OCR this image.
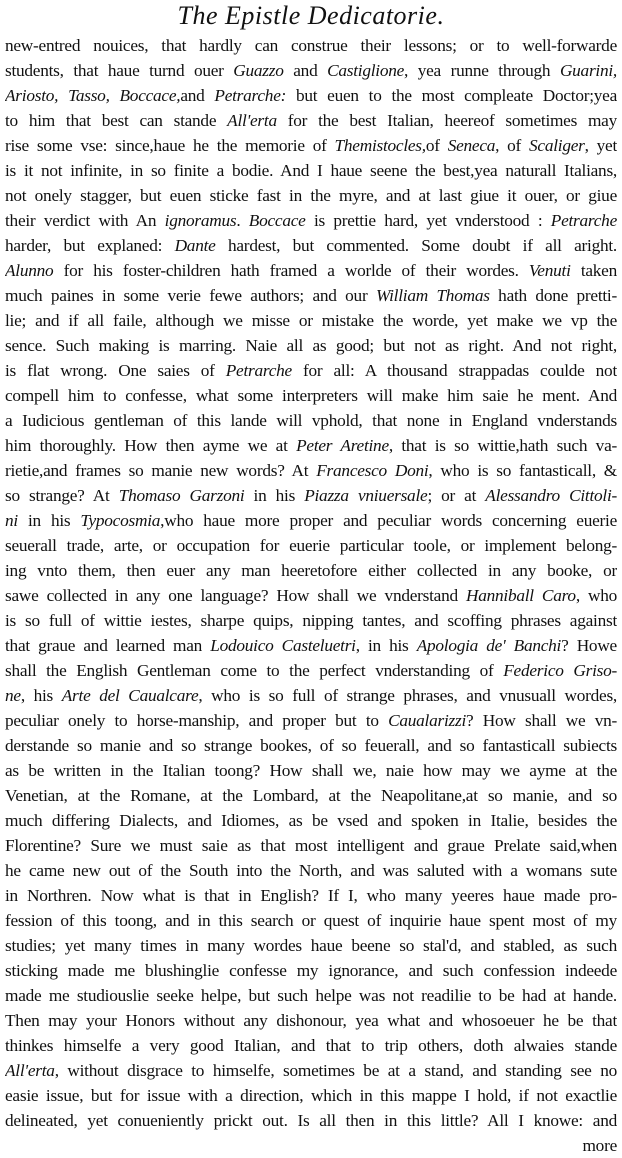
The Epistle Dedicatorie.
new-entred nouices, that hardly can construe their lessons; or to well-forwarde
students, that haue turnd ouer Guazzo and Castiglione, yea runne through Guarini,
Ariosto, Tasso, Boccace,and Petrarche: but euen to the most compleate Doctor;yea
to him that best can stande All'erta for the best Italian, heereof sometimes may
rise some vse: since,haue he the memorie of Themistocles,of Seneca, of Scaliger, yet
is it not infinite, in so finite a bodie. And I haue seene the best,yea naturall Italians,
not onely stagger, but euen sticke fast in the myre, and at last giue it ouer, or giue
their verdict with An ignoramus. Boccace is prettie hard, yet vnderstood : Petrarche
harder, but explaned: Dante hardest, but commented. Some doubt if all aright.
Alunno for his foster-children hath framed a worlde of their wordes. Venuti taken
much paines in some verie fewe authors; and our William Thomas hath done pretti-
lie; and if all faile, although we misse or mistake the worde, yet make we vp the
sence. Such making is marring. Naie all as good; but not as right. And not right,
is flat wrong. One saies of Petrarche for all: A thousand strappadas coulde not
compell him to confesse, what some interpreters will make him saie he ment. And
a Iudicious gentleman of this lande will vphold, that none in England vnderstands
him thoroughly. How then ayme we at Peter Aretine, that is so wittie,hath such va-
rietie,and frames so manie new words? At Francesco Doni, who is so fantasticall, &
so strange? At Thomaso Garzoni in his Piazza vniuersale; or at Alessandro Cittoli-
ni in his Typocosmia,who haue more proper and peculiar words concerning euerie
seuerall trade, arte, or occupation for euerie particular toole, or implement belong-
ing vnto them, then euer any man heeretofore either collected in any booke, or
sawe collected in any one language? How shall we vnderstand Hanniball Caro, who
is so full of wittie iestes, sharpe quips, nipping tantes, and scoffing phrases against
that graue and learned man Lodouico Casteluetri, in his Apologia de' Banchi? Howe
shall the English Gentleman come to the perfect vnderstanding of Federico Griso-
ne, his Arte del Caualcare, who is so full of strange phrases, and vnusuall wordes,
peculiar onely to horse-manship, and proper but to Caualarizzi? How shall we vn-
derstande so manie and so strange bookes, of so feuerall, and so fantasticall subiects
as be written in the Italian toong? How shall we, naie how may we ayme at the
Venetian, at the Romane, at the Lombard, at the Neapolitane,at so manie, and so
much differing Dialects, and Idiomes, as be vsed and spoken in Italie, besides the
Florentine? Sure we must saie as that most intelligent and graue Prelate said,when
he came new out of the South into the North, and was saluted with a womans sute
in Northren. Now what is that in English? If I, who many yeeres haue made pro-
fession of this toong, and in this search or quest of inquirie haue spent most of my
studies; yet many times in many wordes haue beene so stal'd, and stabled, as such
sticking made me blushinglie confesse my ignorance, and such confession indeede
made me studiouslie seeke helpe, but such helpe was not readilie to be had at hande.
Then may your Honors without any dishonour, yea what and whosoeuer he be that
thinkes himselfe a very good Italian, and that to trip others, doth alwaies stande
All'erta, without disgrace to himselfe, sometimes be at a stand, and standing see no
easie issue, but for issue with a direction, which in this mappe I hold, if not exactlie
delineated, yet conueniently prickt out. Is all then in this little? All I knowe: and
more
